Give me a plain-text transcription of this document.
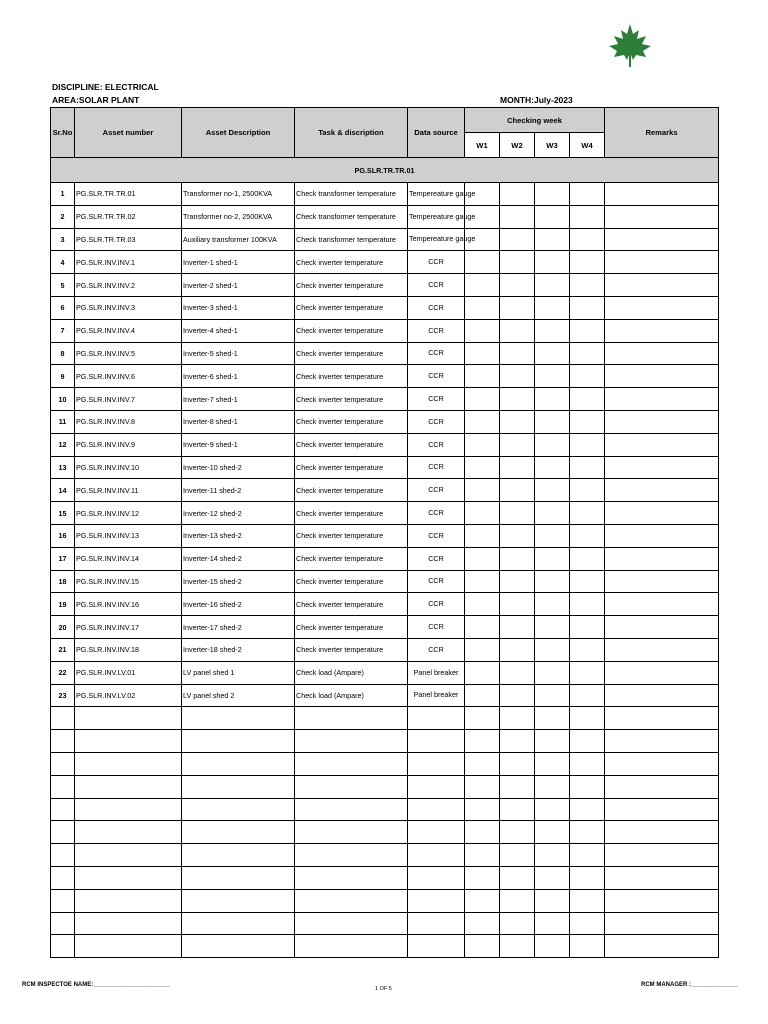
DISCIPLINE: ELECTRICAL
AREA:SOLAR PLANT	MONTH:July-2023
Sr.No	Asset number	Asset Description	Task & discription	Data source	Checking week				Remarks
					W1	W2	W3	W4	
PG.SLR.TR.TR.01									
1	PG.SLR.TR.TR.01	Transformer no-1, 2500KVA	Check transformer temperature	Tempereature gauge					
2	PG.SLR.TR.TR.02	Transformer no-2, 2500KVA	Check transformer temperature	Tempereature gauge					
3	PG.SLR.TR.TR.03	Auxiliary transformer 100KVA	Check transformer temperature	Tempereature gauge					
4	PG.SLR.INV.INV.1	Inverter-1 shed-1	Check inverter temperature	CCR					
5	PG.SLR.INV.INV.2	Inverter-2 shed-1	Check inverter temperature	CCR					
6	PG.SLR.INV.INV.3	Inverter-3 shed-1	Check inverter temperature	CCR					
7	PG.SLR.INV.INV.4	Inverter-4 shed-1	Check inverter temperature	CCR					
8	PG.SLR.INV.INV.5	Inverter-5 shed-1	Check inverter temperature	CCR					
9	PG.SLR.INV.INV.6	Inverter-6 shed-1	Check inverter temperature	CCR					
10	PG.SLR.INV.INV.7	Inverter-7 shed-1	Check inverter temperature	CCR					
11	PG.SLR.INV.INV.8	Inverter-8 shed-1	Check inverter temperature	CCR					
12	PG.SLR.INV.INV.9	Inverter-9 shed-1	Check inverter temperature	CCR					
13	PG.SLR.INV.INV.10	Inverter-10 shed-2	Check inverter temperature	CCR					
14	PG.SLR.INV.INV.11	Inverter-11 shed-2	Check inverter temperature	CCR					
15	PG.SLR.INV.INV.12	Inverter-12 shed-2	Check inverter temperature	CCR					
16	PG.SLR.INV.INV.13	Inverter-13 shed-2	Check inverter temperature	CCR					
17	PG.SLR.INV.INV.14	Inverter-14 shed-2	Check inverter temperature	CCR					
18	PG.SLR.INV.INV.15	Inverter-15 shed-2	Check inverter temperature	CCR					
19	PG.SLR.INV.INV.16	Inverter-16 shed-2	Check inverter temperature	CCR					
20	PG.SLR.INV.INV.17	Inverter-17 shed-2	Check inverter temperature	CCR					
21	PG.SLR.INV.INV.18	Inverter-18 shed-2	Check inverter temperature	CCR					
22	PG.SLR.INV.LV.01	LV panel shed 1	Check load (Ampare)	Panel breaker					
23	PG.SLR.INV.LV.02	LV panel shed 2	Check load (Ampare)	Panel breaker					

RCM INSPECTOE NAME:_______________________
1 OF 5
RCM MANAGER :______________
